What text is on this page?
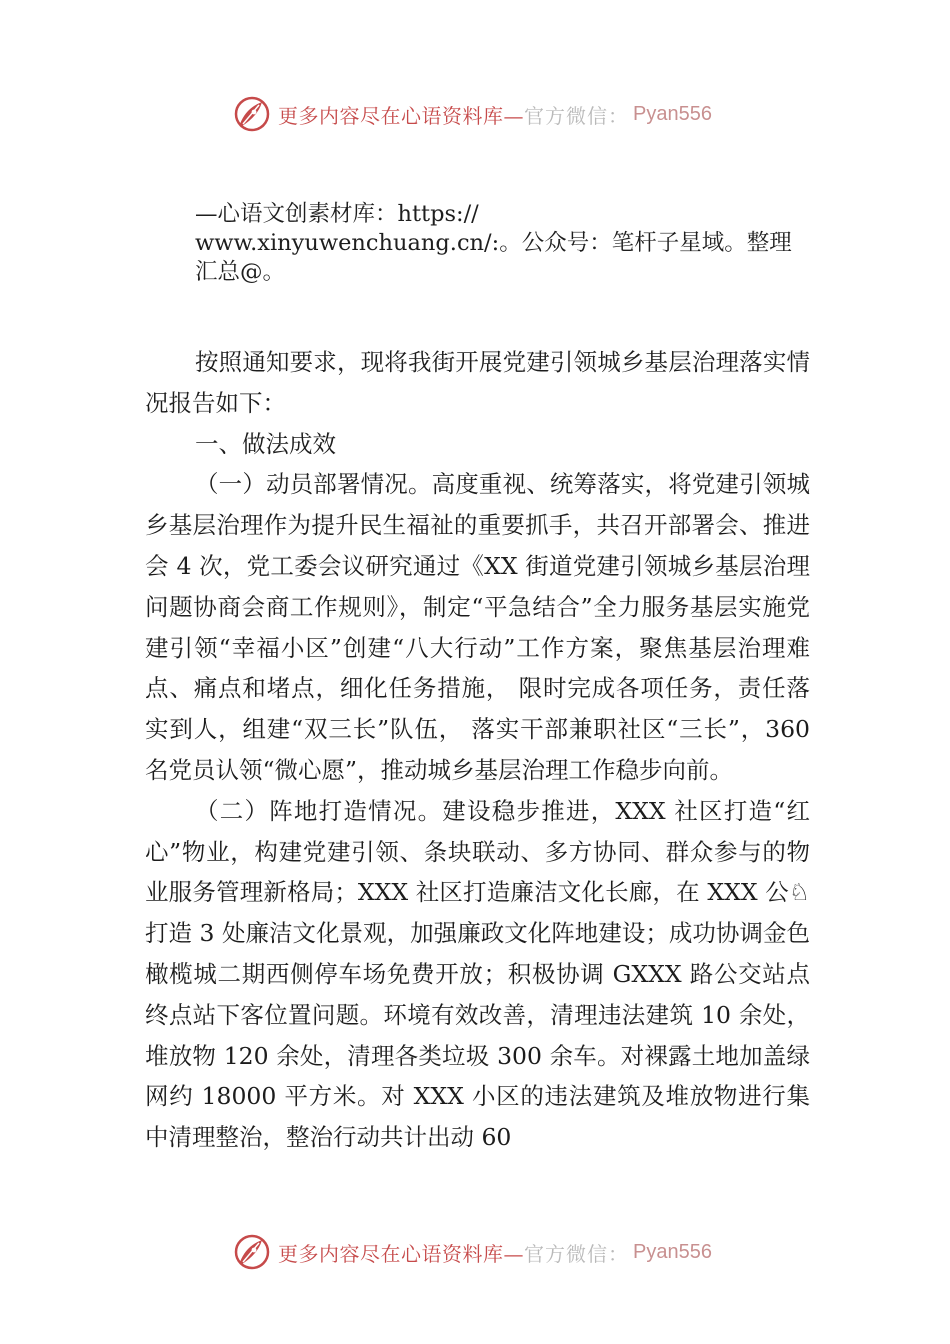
更多内容尽在心语资料库— 官方微信： Pyan556
—心语文创素材库：https://
www.xinyuwenchuang.cn/:。公众号：笔杆子星域。整理
汇总@。

按照通知要求，现将我街开展党建引领城乡基层治理落实情况报告如下：

一、做法成效

（一）动员部署情况。高度重视、统筹落实，将党建引领城乡基层治理作为提升民生福祉的重要抓手，共召开部署会、推进会 4 次，党工委会议研究通过《XX 街道党建引领城乡基层治理问题协商会商工作规则》，制定“平急结合”全力服务基层实施党建引领“幸福小区”创建“八大行动”工作方案，聚焦基层治理难点、痛点和堵点，细化任务措施， 限时完成各项任务，责任落实到人，组建“双三长”队伍， 落实干部兼职社区“三长”，360 名党员认领“微心愿”，推动城乡基层治理工作稳步向前。

（二）阵地打造情况。建设稳步推进，XXX 社区打造“红心”物业，构建党建引领、条块联动、多方协同、群众参与的物业服务管理新格局；XXX 社区打造廉洁文化长廊，在 XXX 公♘打造 3 处廉洁文化景观，加强廉政文化阵地建设；成功协调金色橄榄城二期西侧停车场免费开放；积极协调 GXXX 路公交站点终点站下客位置问题。环境有效改善，清理违法建筑 10 余处，堆放物 120 余处，清理各类垃圾 300 余车。对裸露土地加盖绿网约 18000 平方米。对 XXX 小区的违法建筑及堆放物进行集中清理整治，整治行动共计出动 60

更多内容尽在心语资料库— 官方微信： Pyan556
